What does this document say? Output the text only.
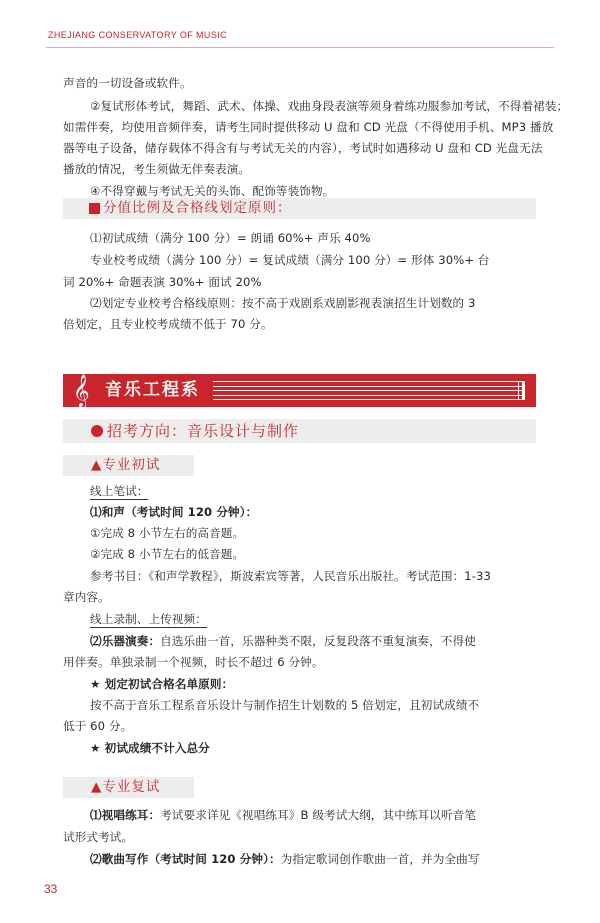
ZHEJIANG CONSERVATORY OF MUSIC
声音的一切设备或软件。
②复试形体考试，舞蹈、武术、体操、戏曲身段表演等须身着练功服参加考试，不得着裙装；
如需伴奏，均使用音频伴奏，请考生同时提供移动 U 盘和 CD 光盘（不得使用手机、MP3 播放
器等电子设备，储存载体不得含有与考试无关的内容），考试时如遇移动 U 盘和 CD 光盘无法
播放的情况，考生须做无伴奏表演。
④不得穿戴与考试无关的头饰、配饰等装饰物。
分值比例及合格线划定原则：
⑴初试成绩（满分 100 分）= 朗诵 60%+ 声乐 40%
专业校考成绩（满分 100 分）= 复试成绩（满分 100 分）= 形体 30%+ 台
词 20%+ 命题表演 30%+ 面试 20%
⑵划定专业校考合格线原则：按不高于戏剧系戏剧影视表演招生计划数的 3
倍划定，且专业校考成绩不低于 70 分。
𝄞 音乐工程系
招考方向：音乐设计与制作
▲专业初试
线上笔试：
⑴和声（考试时间 120 分钟）：
①完成 8 小节左右的高音题。
②完成 8 小节左右的低音题。
参考书目：《和声学教程》，斯波索宾等著，人民音乐出版社。考试范围：1-33
章内容。
线上录制、上传视频：
⑵乐器演奏：自选乐曲一首，乐器种类不限，反复段落不重复演奏，不得使
用伴奏。单独录制一个视频，时长不超过 6 分钟。
★ 划定初试合格名单原则：
按不高于音乐工程系音乐设计与制作招生计划数的 5 倍划定，且初试成绩不
低于 60 分。
★ 初试成绩不计入总分
▲专业复试
⑴视唱练耳：考试要求详见《视唱练耳》B 级考试大纲，其中练耳以听音笔
试形式考试。
⑵歌曲写作（考试时间 120 分钟）：为指定歌词创作歌曲一首，并为全曲写
33
